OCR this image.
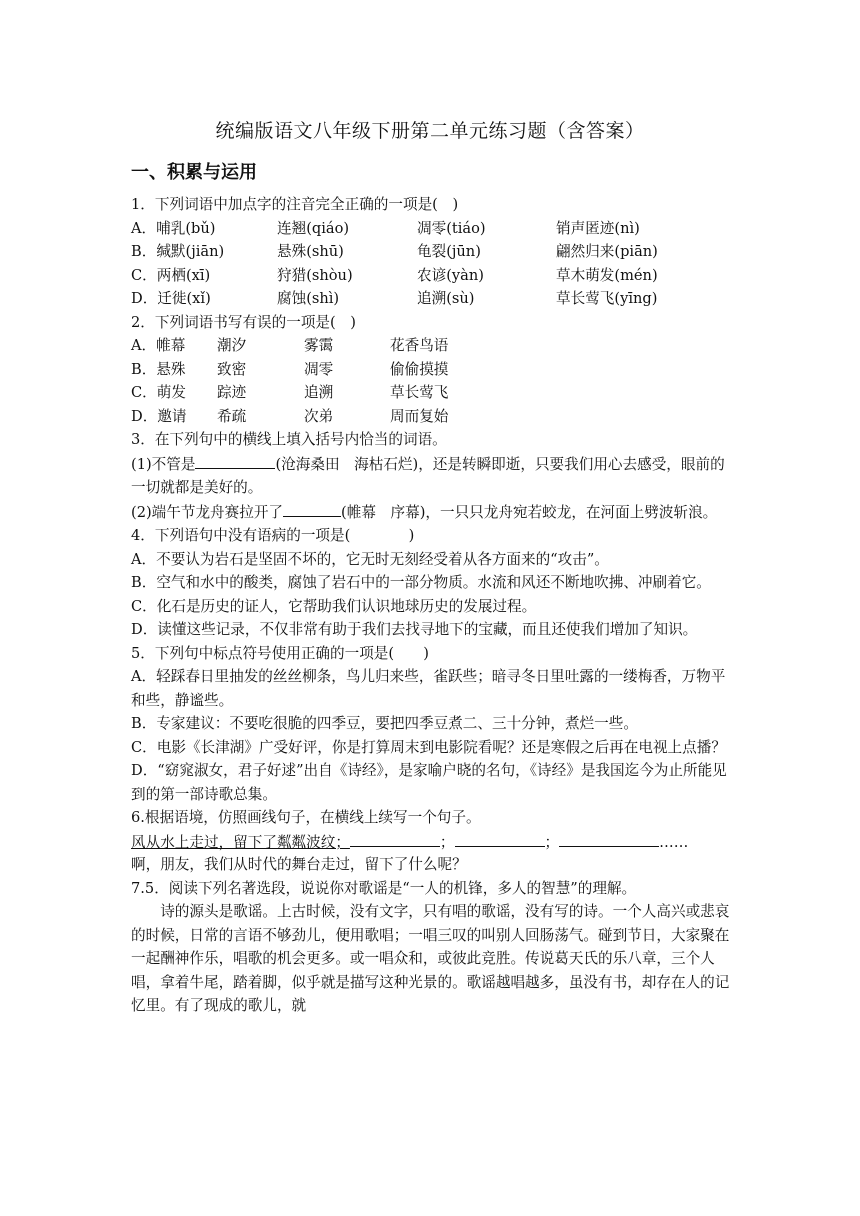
统编版语文八年级下册第二单元练习题（含答案）
一、积累与运用
1．下列词语中加点字的注音完全正确的一项是(　)
A．哺乳(bǔ)	连翘(qiáo)	凋零(tiáo)	销声匿迹(nì)
B．缄默(jiān)	悬殊(shū)	龟裂(jūn)	翩然归来(piān)
C．两栖(xī)	狩猎(shòu)	农谚(yàn)	草木萌发(mén)
D．迁徙(xǐ)	腐蚀(shì)	追溯(sù)	草长莺飞(yīng)
2．下列词语书写有误的一项是(　)
A．帷幕 潮汐	雾霭	花香鸟语
B．悬殊 致密	凋零	偷偷摸摸
C．萌发 踪迹	追溯	草长莺飞
D．邀请 希疏	次弟	周而复始
3．在下列句中的横线上填入括号内恰当的词语。
(1)不管是	(沧海桑田　海枯石烂)，还是转瞬即逝，只要我们用心去感受，眼前的一切就都是美好的。
(2)端午节龙舟赛拉开了	(帷幕　序幕)，一只只龙舟宛若蛟龙，在河面上劈波斩浪。
4．下列语句中没有语病的一项是(　　　　)
A．不要认为岩石是坚固不坏的，它无时无刻经受着从各方面来的“攻击”。
B．空气和水中的酸类，腐蚀了岩石中的一部分物质。水流和风还不断地吹拂、冲刷着它。
C．化石是历史的证人，它帮助我们认识地球历史的发展过程。
D．读懂这些记录，不仅非常有助于我们去找寻地下的宝藏，而且还使我们增加了知识。
5．下列句中标点符号使用正确的一项是(　　)
A．轻踩春日里抽发的丝丝柳条，鸟儿归来些，雀跃些；暗寻冬日里吐露的一缕梅香，万物平和些，静谧些。
B．专家建议：不要吃很脆的四季豆，要把四季豆煮二、三十分钟，煮烂一些。
C．电影《长津湖》广受好评，你是打算周末到电影院看呢？还是寒假之后再在电视上点播？
D．“窈窕淑女，君子好逑”出自《诗经》，是家喻户晓的名句，《诗经》是我国迄今为止所能见到的第一部诗歌总集。
6.根据语境，仿照画线句子，在横线上续写一个句子。
风从水上走过，留下了粼粼波纹；	；	；	……
啊，朋友，我们从时代的舞台走过，留下了什么呢？
7.5．阅读下列名著选段，说说你对歌谣是“一人的机锋，多人的智慧”的理解。
诗的源头是歌谣。上古时候，没有文字，只有唱的歌谣，没有写的诗。一个人高兴或悲哀的时候，日常的言语不够劲儿，便用歌唱；一唱三叹的叫别人回肠荡气。碰到节日，大家聚在一起酬神作乐，唱歌的机会更多。或一唱众和，或彼此竞胜。传说葛天氏的乐八章，三个人唱，拿着牛尾，踏着脚，似乎就是描写这种光景的。歌谣越唱越多，虽没有书，却存在人的记忆里。有了现成的歌儿，就
